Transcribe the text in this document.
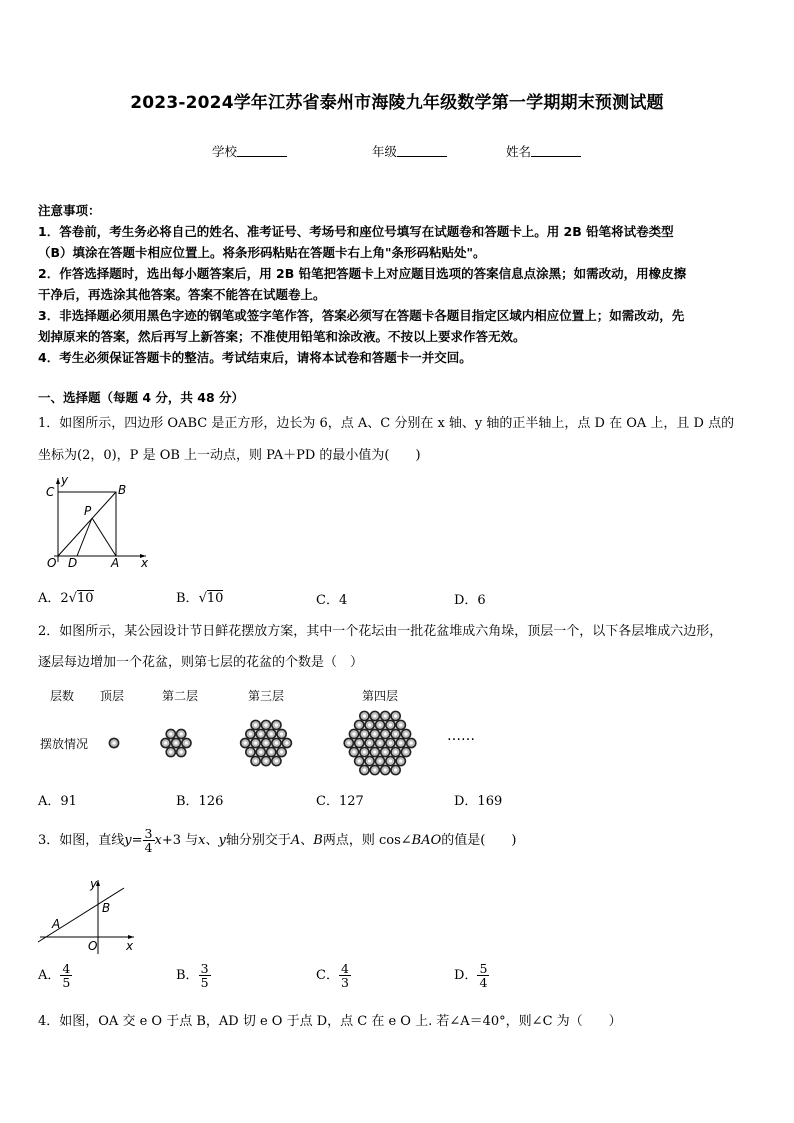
2023-2024学年江苏省泰州市海陵九年级数学第一学期期末预测试题
学校	年级	姓名
注意事项：
1．答卷前，考生务必将自己的姓名、准考证号、考场号和座位号填写在试题卷和答题卡上。用 2B 铅笔将试卷类型
（B）填涂在答题卡相应位置上。将条形码粘贴在答题卡右上角"条形码粘贴处"。
2．作答选择题时，选出每小题答案后，用 2B 铅笔把答题卡上对应题目选项的答案信息点涂黑；如需改动，用橡皮擦
干净后，再选涂其他答案。答案不能答在试题卷上。
3．非选择题必须用黑色字迹的钢笔或签字笔作答，答案必须写在答题卡各题目指定区域内相应位置上；如需改动，先
划掉原来的答案，然后再写上新答案；不准使用铅笔和涂改液。不按以上要求作答无效。
4．考生必须保证答题卡的整洁。考试结束后，请将本试卷和答题卡一并交回。
一、选择题（每题 4 分，共 48 分）
1．如图所示，四边形 OABC 是正方形，边长为 6，点 A、C 分别在 x 轴、y 轴的正半轴上，点 D 在 OA 上，且 D 点的
坐标为(2，0)，P 是 OB 上一动点，则 PA＋PD 的最小值为(　　)
y
C	B
P
O D	A x
A．2√10	B．√10	C．4	D．6
2．如图所示，某公园设计节日鲜花摆放方案，其中一个花坛由一批花盆堆成六角垛，顶层一个，以下各层堆成六边形，
逐层每边增加一个花盆，则第七层的花盆的个数是（　）
层数 顶层	第二层	第三层	第四层
摆放情况	……
A．91	B．126	C．127	D．169
3．如图，直线$y= \frac{3}{4} x+3$ 与x、y轴分别交于A、B两点，则 cos∠BAO的值是(　　)
y
B
A
O x
A． $\frac{4}{5}$	B． $\frac{3}{5}$	C． $\frac{4}{3}$	D． $\frac{5}{4}$
4．如图，OA 交 e O 于点 B，AD 切 e O 于点 D，点 C 在 e O 上. 若∠A＝40°，则∠C 为（　　）
